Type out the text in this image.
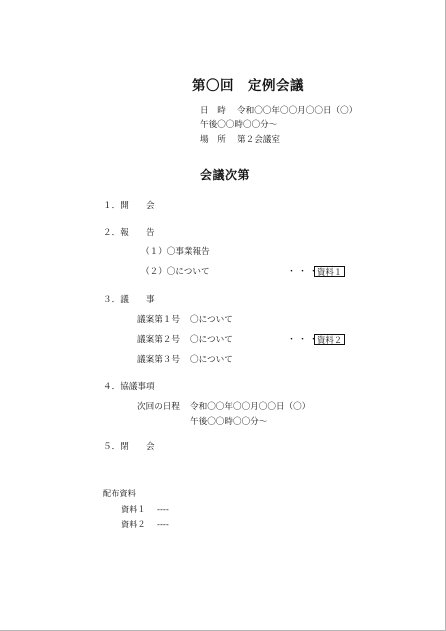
第〇回　定例会議
日　時 令和〇〇年〇〇月〇〇日（〇）
午後〇〇時〇〇分～
場　所 第２会議室
会議次第
１．開　　会
２．報　　告
（１）〇事業報告
（２）〇について	・・・
資料１
３．議　　事
議案第１号 〇について
議案第２号 〇について	・・・
資料２
議案第３号 〇について
４．協議事項
次回の日程 令和〇〇年〇〇月〇〇日（〇）
午後〇〇時〇〇分～
５．閉　　会
配布資料
資料１ ----
資料２ ----
